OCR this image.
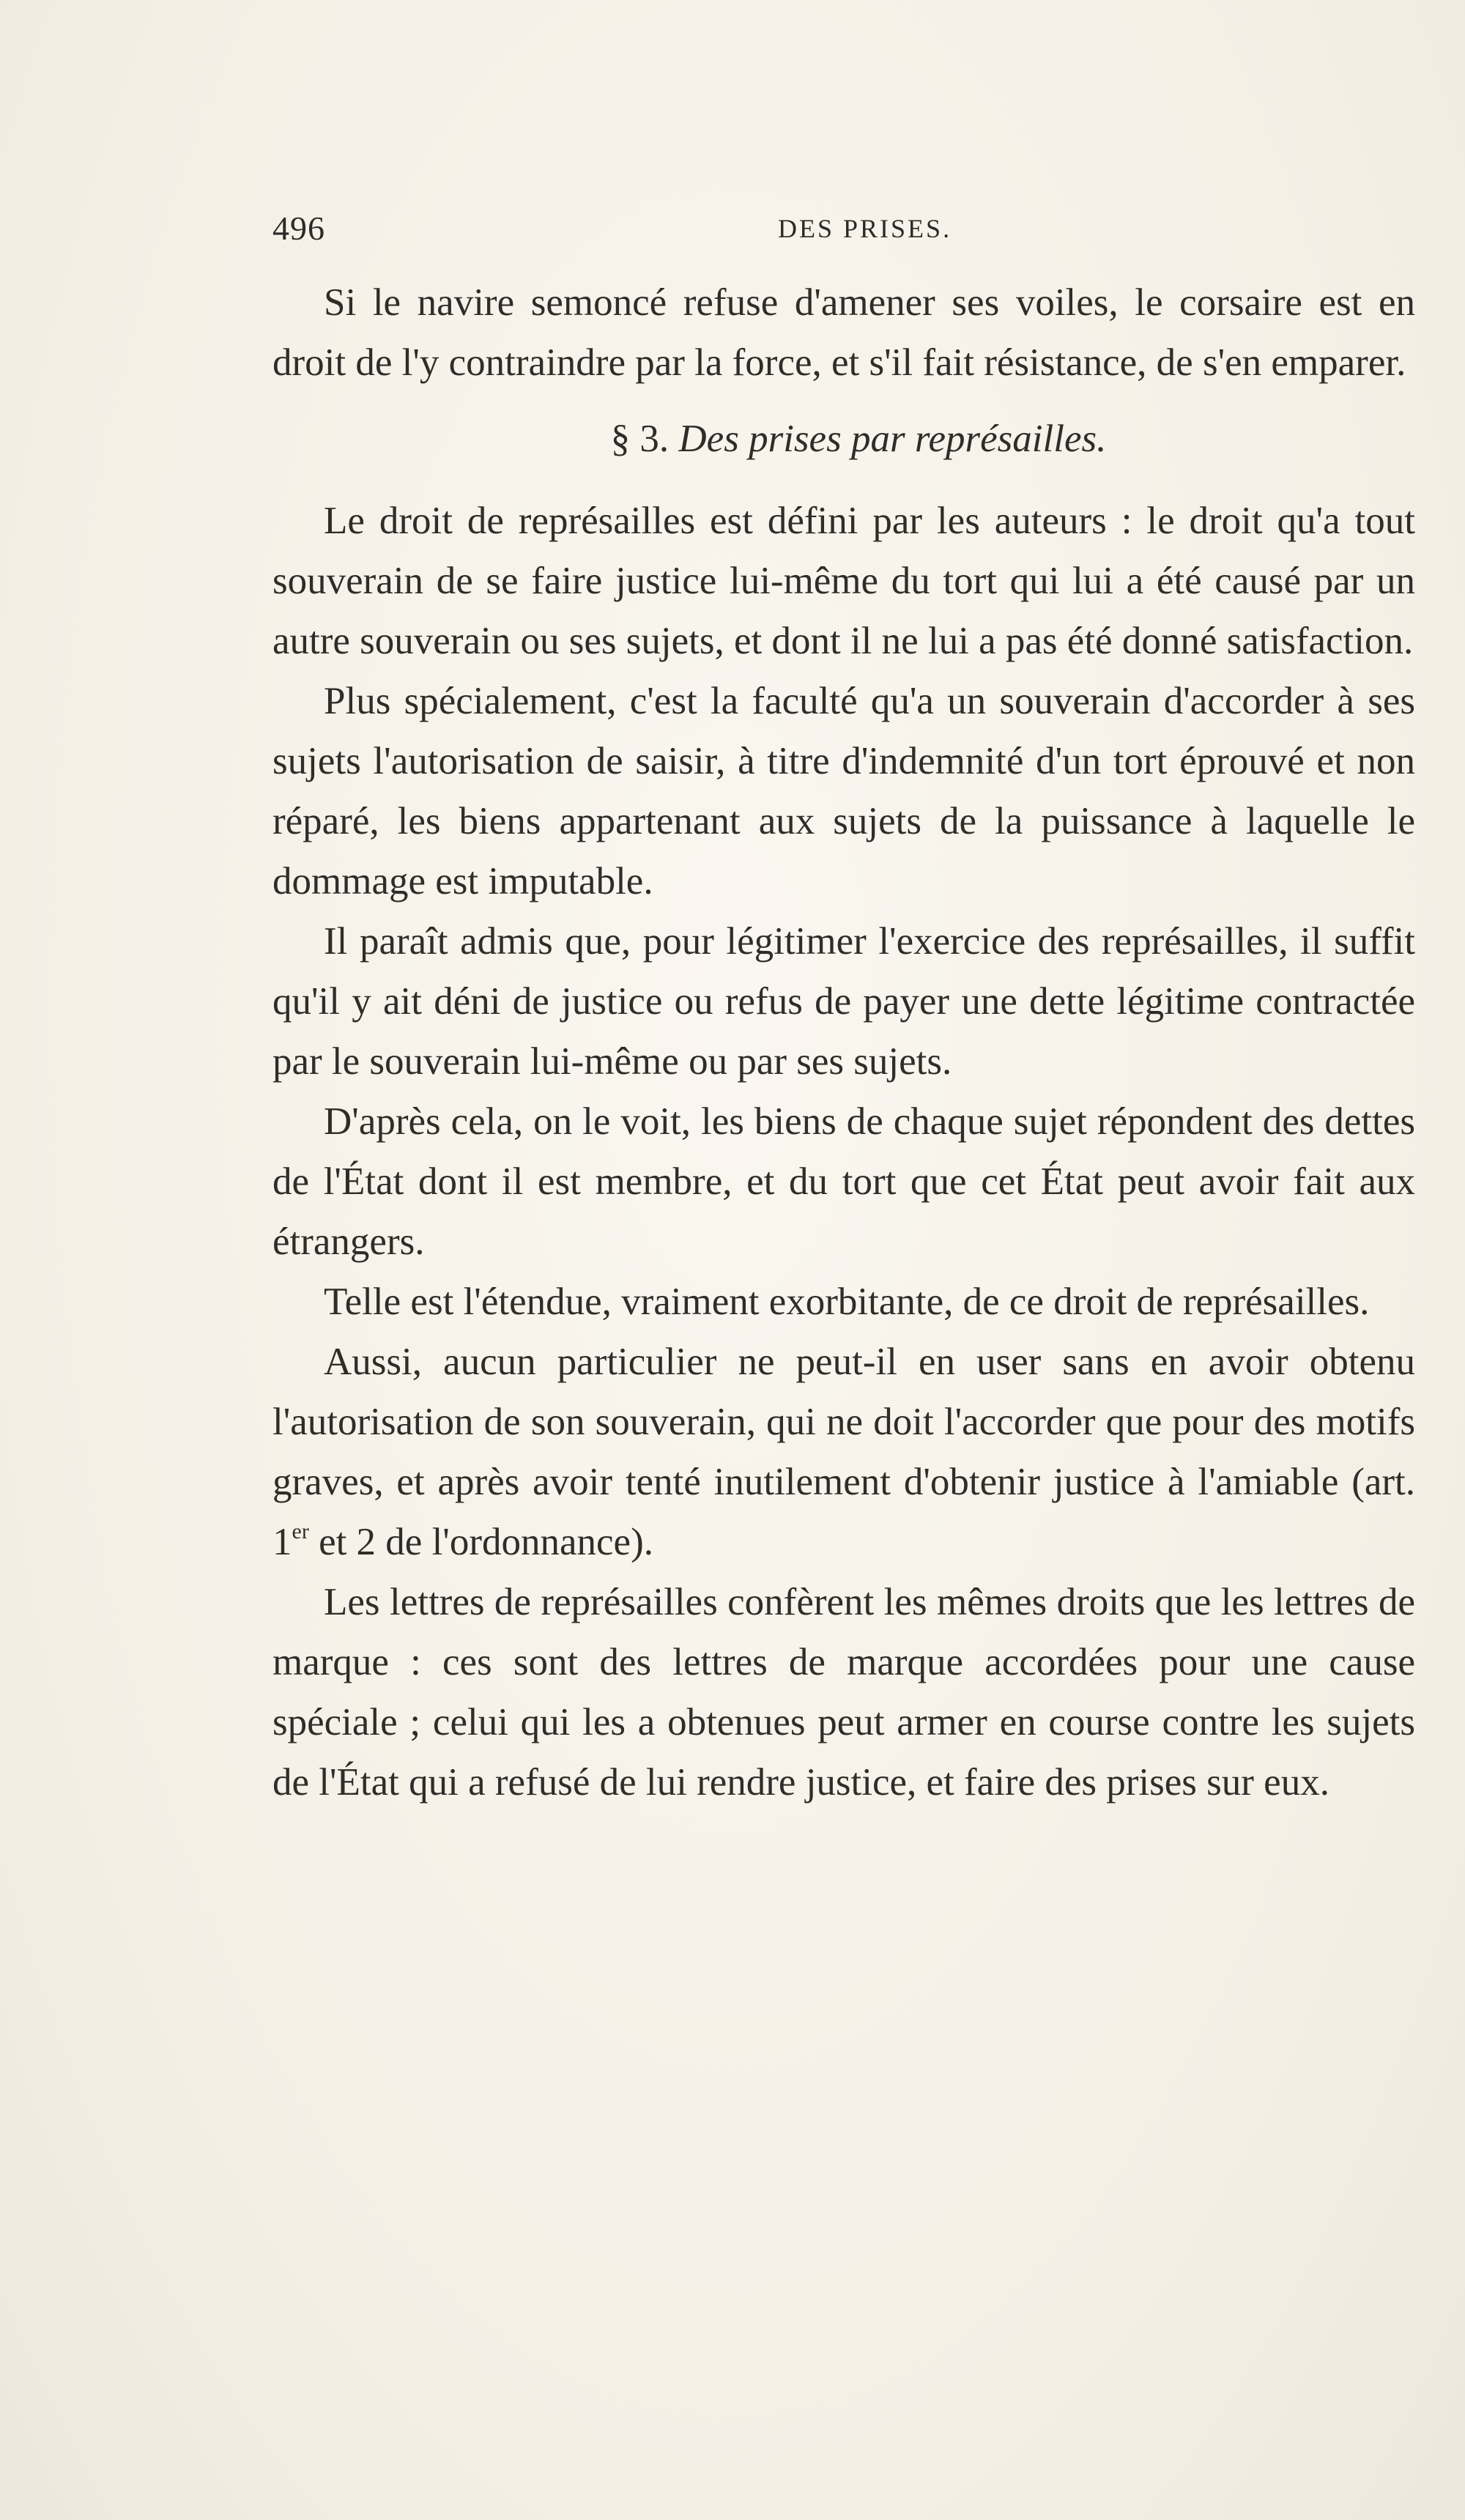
496	DES PRISES.

Si le navire semoncé refuse d'amener ses voiles, le corsaire est en droit de l'y contraindre par la force, et s'il fait résistance, de s'en emparer.

§ 3. Des prises par représailles.

Le droit de représailles est défini par les auteurs : le droit qu'a tout souverain de se faire justice lui-même du tort qui lui a été causé par un autre souverain ou ses sujets, et dont il ne lui a pas été donné satisfaction.

Plus spécialement, c'est la faculté qu'a un souverain d'accorder à ses sujets l'autorisation de saisir, à titre d'indemnité d'un tort éprouvé et non réparé, les biens appartenant aux sujets de la puissance à laquelle le dommage est imputable.

Il paraît admis que, pour légitimer l'exercice des représailles, il suffit qu'il y ait déni de justice ou refus de payer une dette légitime contractée par le souverain lui-même ou par ses sujets.

D'après cela, on le voit, les biens de chaque sujet répondent des dettes de l'État dont il est membre, et du tort que cet État peut avoir fait aux étrangers.

Telle est l'étendue, vraiment exorbitante, de ce droit de représailles.

Aussi, aucun particulier ne peut-il en user sans en avoir obtenu l'autorisation de son souverain, qui ne doit l'accorder que pour des motifs graves, et après avoir tenté inutilement d'obtenir justice à l'amiable (art. 1er et 2 de l'ordonnance).

Les lettres de représailles confèrent les mêmes droits que les lettres de marque : ces sont des lettres de marque accordées pour une cause spéciale ; celui qui les a obtenues peut armer en course contre les sujets de l'État qui a refusé de lui rendre justice, et faire des prises sur eux.
